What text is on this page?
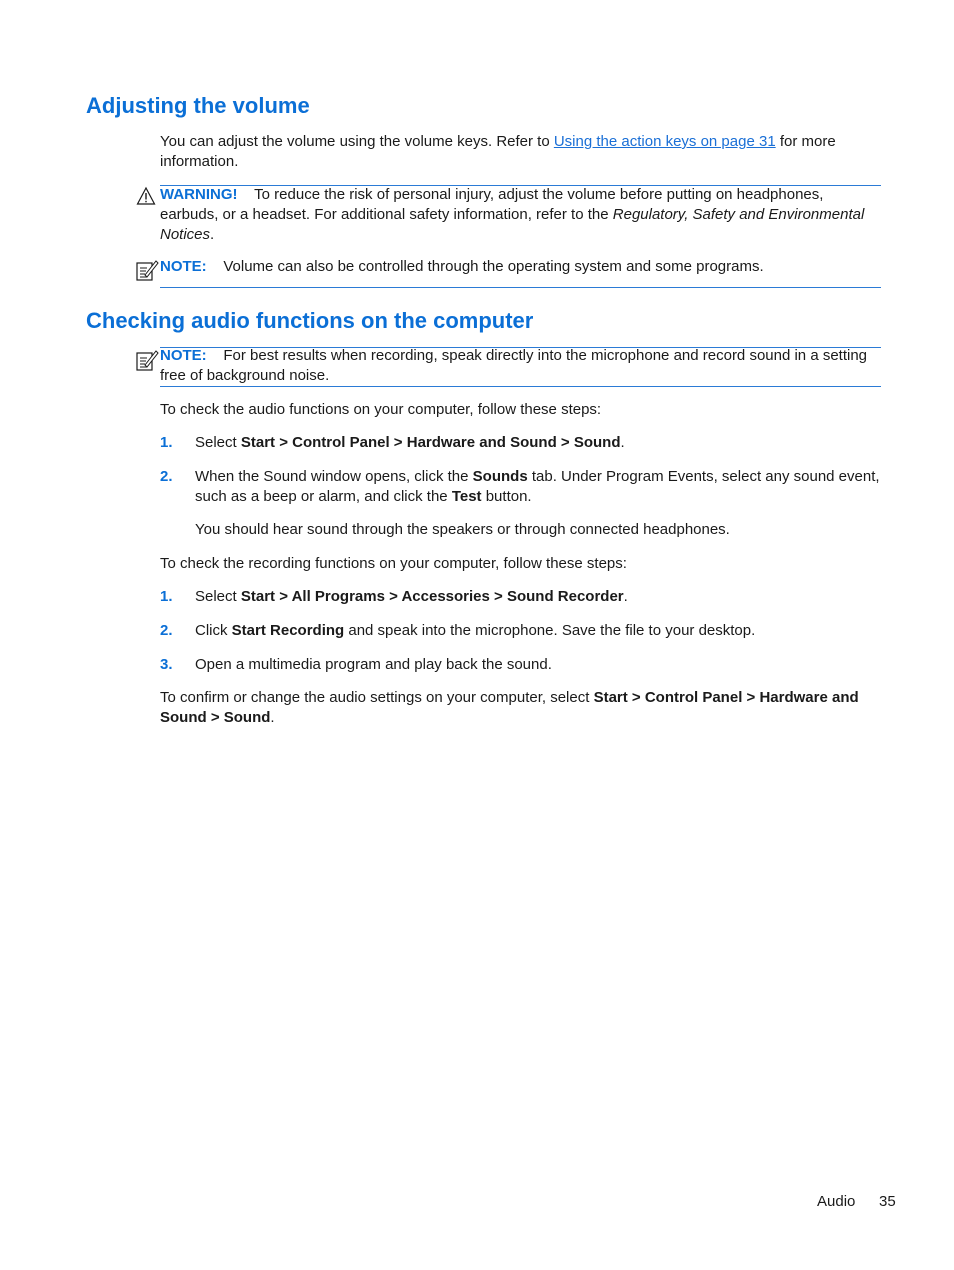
Adjusting the volume

You can adjust the volume using the volume keys. Refer to Using the action keys on page 31 for more information.

WARNING! To reduce the risk of personal injury, adjust the volume before putting on headphones, earbuds, or a headset. For additional safety information, refer to the Regulatory, Safety and Environmental Notices.

NOTE: Volume can also be controlled through the operating system and some programs.

Checking audio functions on the computer

NOTE: For best results when recording, speak directly into the microphone and record sound in a setting free of background noise.

To check the audio functions on your computer, follow these steps:

1. Select Start > Control Panel > Hardware and Sound > Sound.

2. When the Sound window opens, click the Sounds tab. Under Program Events, select any sound event, such as a beep or alarm, and click the Test button.

You should hear sound through the speakers or through connected headphones.

To check the recording functions on your computer, follow these steps:

1. Select Start > All Programs > Accessories > Sound Recorder.

2. Click Start Recording and speak into the microphone. Save the file to your desktop.

3. Open a multimedia program and play back the sound.

To confirm or change the audio settings on your computer, select Start > Control Panel > Hardware and Sound > Sound.

Audio 35
